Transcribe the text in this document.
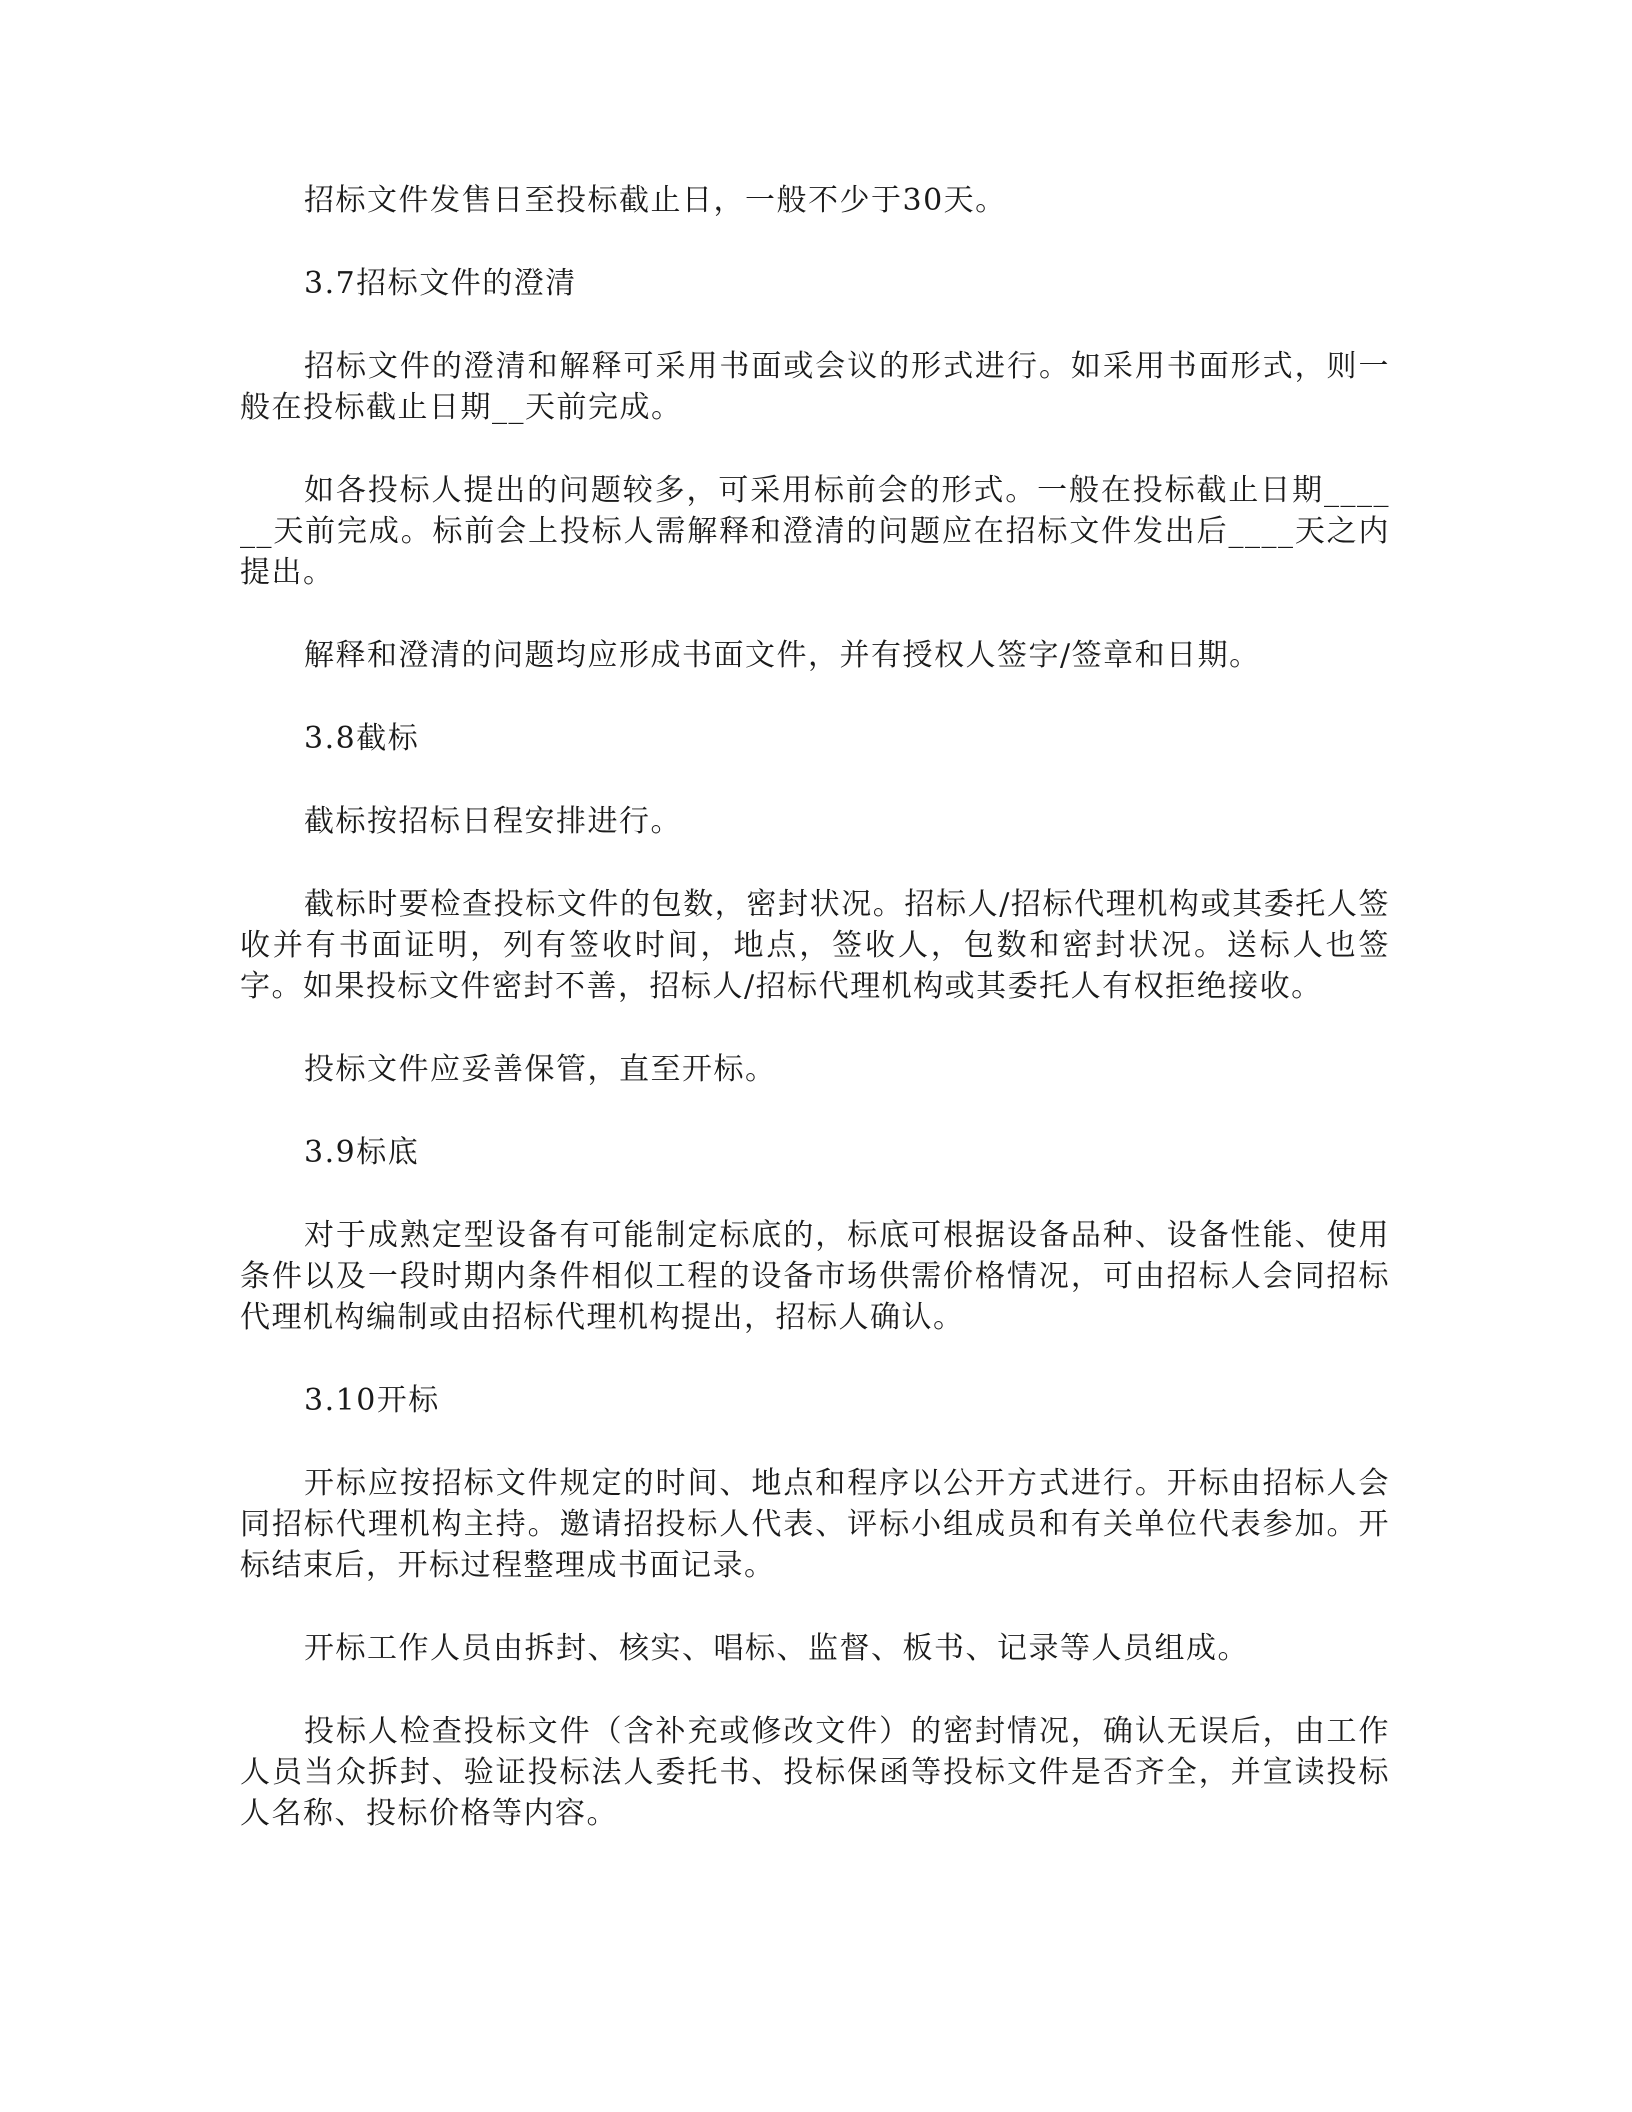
招标文件发售日至投标截止日，一般不少于30天。

3.7招标文件的澄清

招标文件的澄清和解释可采用书面或会议的形式进行。如采用书面形式，则一般在投标截止日期__天前完成。

如各投标人提出的问题较多，可采用标前会的形式。一般在投标截止日期______天前完成。标前会上投标人需解释和澄清的问题应在招标文件发出后____天之内提出。

解释和澄清的问题均应形成书面文件，并有授权人签字/签章和日期。

3.8截标

截标按招标日程安排进行。

截标时要检查投标文件的包数，密封状况。招标人/招标代理机构或其委托人签收并有书面证明，列有签收时间，地点，签收人，包数和密封状况。送标人也签字。如果投标文件密封不善，招标人/招标代理机构或其委托人有权拒绝接收。

投标文件应妥善保管，直至开标。

3.9标底

对于成熟定型设备有可能制定标底的，标底可根据设备品种、设备性能、使用条件以及一段时期内条件相似工程的设备市场供需价格情况，可由招标人会同招标代理机构编制或由招标代理机构提出，招标人确认。

3.10开标

开标应按招标文件规定的时间、地点和程序以公开方式进行。开标由招标人会同招标代理机构主持。邀请招投标人代表、评标小组成员和有关单位代表参加。开标结束后，开标过程整理成书面记录。

开标工作人员由拆封、核实、唱标、监督、板书、记录等人员组成。

投标人检查投标文件（含补充或修改文件）的密封情况，确认无误后，由工作人员当众拆封、验证投标法人委托书、投标保函等投标文件是否齐全，并宣读投标人名称、投标价格等内容。
